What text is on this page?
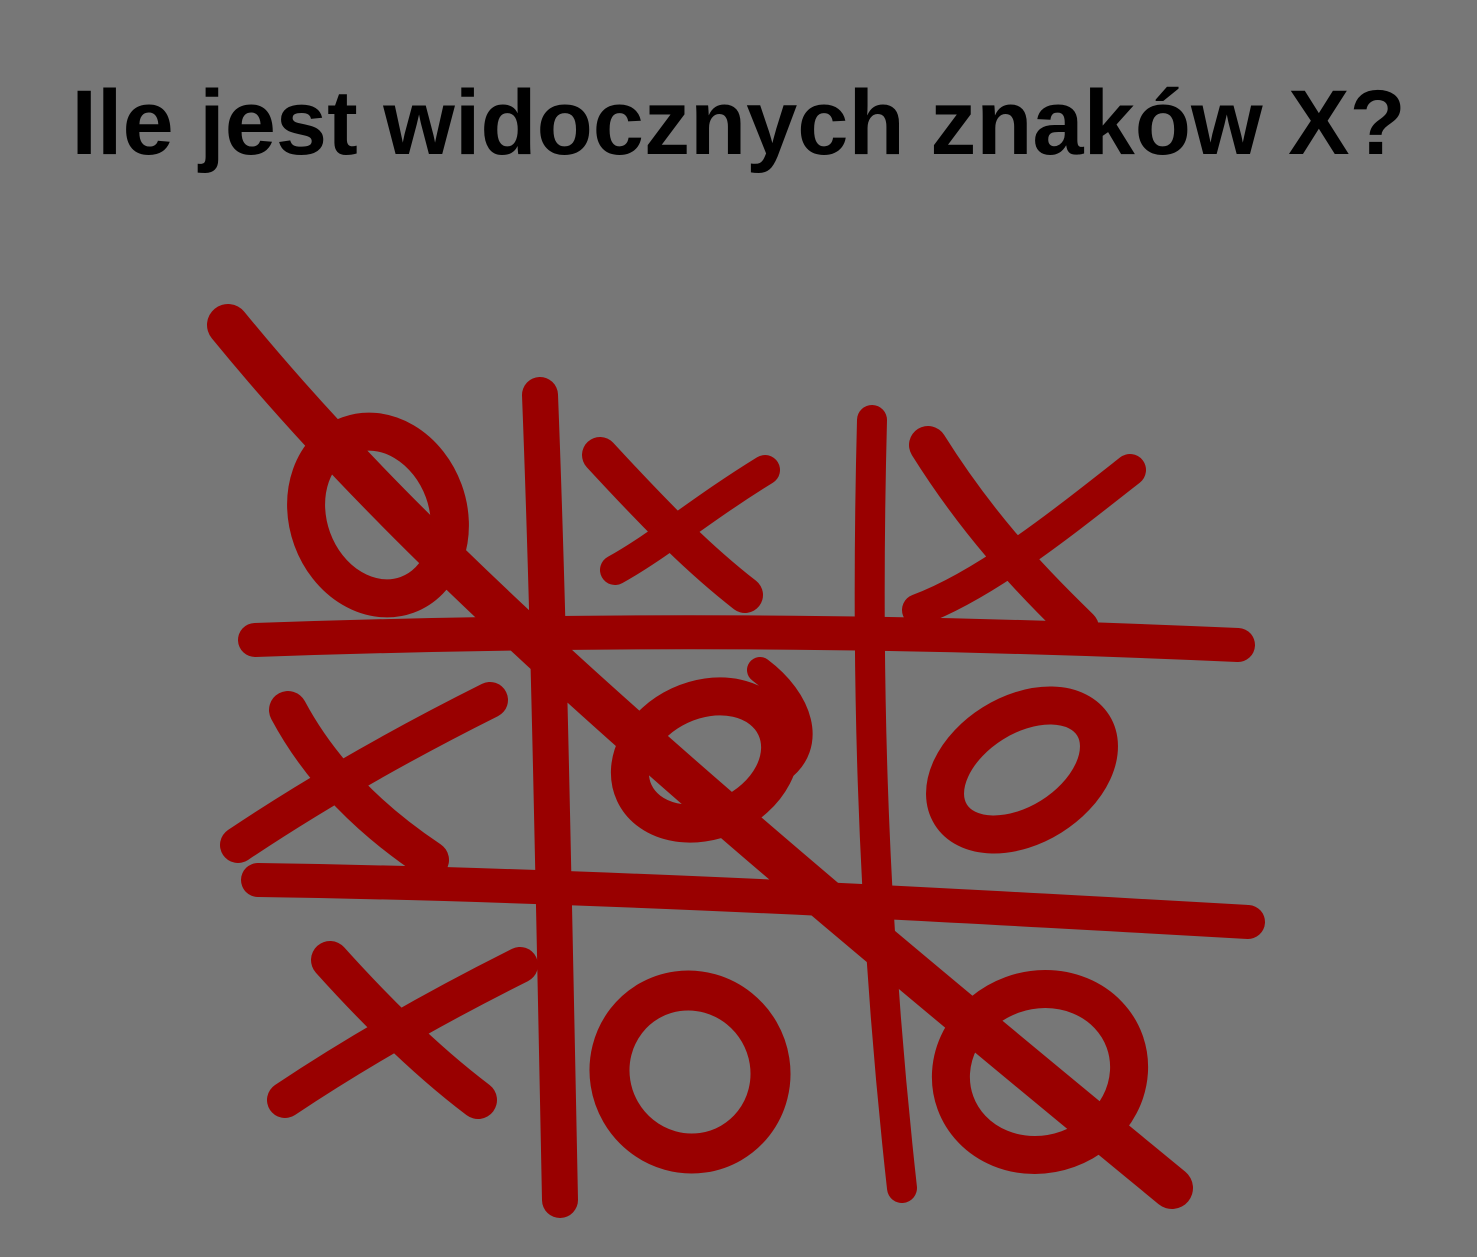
Ile jest widocznych znaków X?
